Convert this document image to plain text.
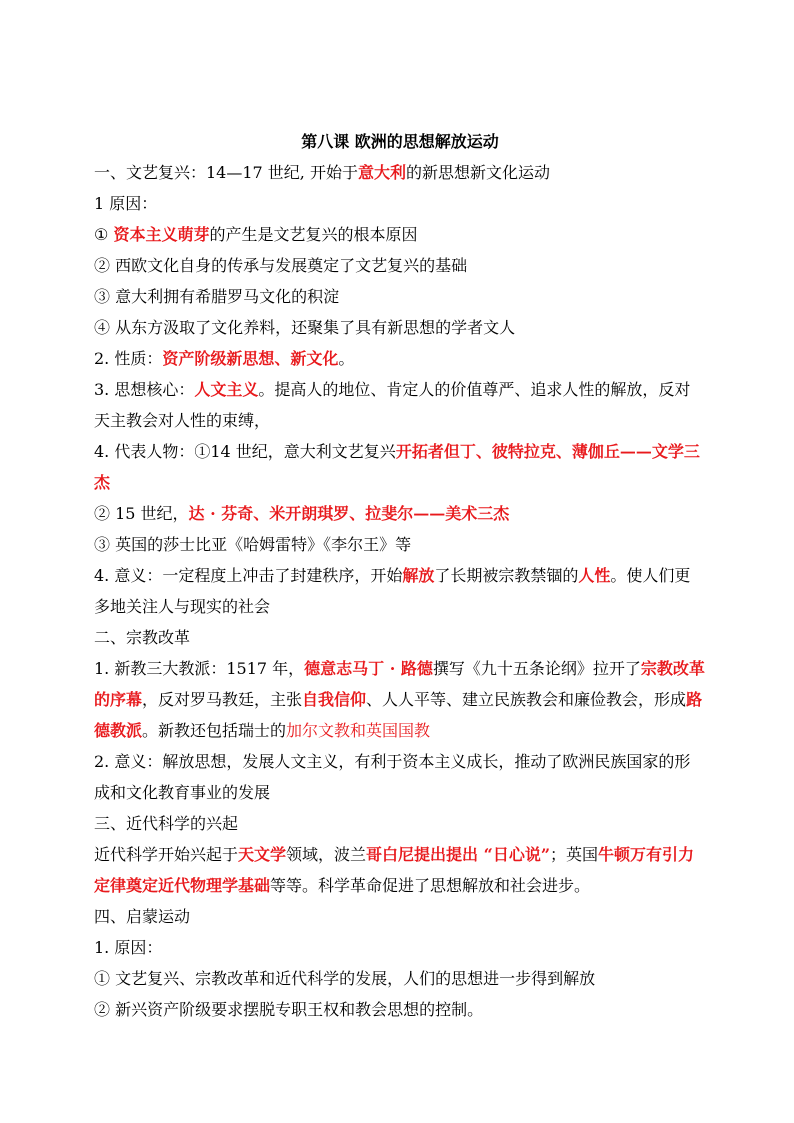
第八课 欧洲的思想解放运动
一、文艺复兴：14—17 世纪, 开始于意大利的新思想新文化运动
1 原因：
① 资本主义萌芽的产生是文艺复兴的根本原因
② 西欧文化自身的传承与发展奠定了文艺复兴的基础
③ 意大利拥有希腊罗马文化的积淀
④ 从东方汲取了文化养料，还聚集了具有新思想的学者文人
2. 性质：资产阶级新思想、新文化。
3. 思想核心：人文主义。提高人的地位、肯定人的价值尊严、追求人性的解放，反对天主教会对人性的束缚，
4. 代表人物：①14 世纪，意大利文艺复兴开拓者但丁、彼特拉克、薄伽丘——文学三杰
② 15 世纪，达 · 芬奇、米开朗琪罗、拉斐尔——美术三杰
③ 英国的莎士比亚《哈姆雷特》《李尔王》等
4. 意义：一定程度上冲击了封建秩序，开始解放了长期被宗教禁锢的人性。使人们更多地关注人与现实的社会
二、宗教改革
1. 新教三大教派：1517 年，德意志马丁 · 路德撰写《九十五条论纲》拉开了宗教改革的序幕，反对罗马教廷，主张自我信仰、人人平等、建立民族教会和廉俭教会，形成路德教派。新教还包括瑞士的加尔文教和英国国教
2. 意义：解放思想，发展人文主义，有利于资本主义成长，推动了欧洲民族国家的形成和文化教育事业的发展
三、近代科学的兴起
近代科学开始兴起于天文学领域，波兰哥白尼提出提出 “日心说”；英国牛顿万有引力定律奠定近代物理学基础等等。科学革命促进了思想解放和社会进步。
四、启蒙运动
1. 原因：
① 文艺复兴、宗教改革和近代科学的发展，人们的思想进一步得到解放
② 新兴资产阶级要求摆脱专职王权和教会思想的控制。
